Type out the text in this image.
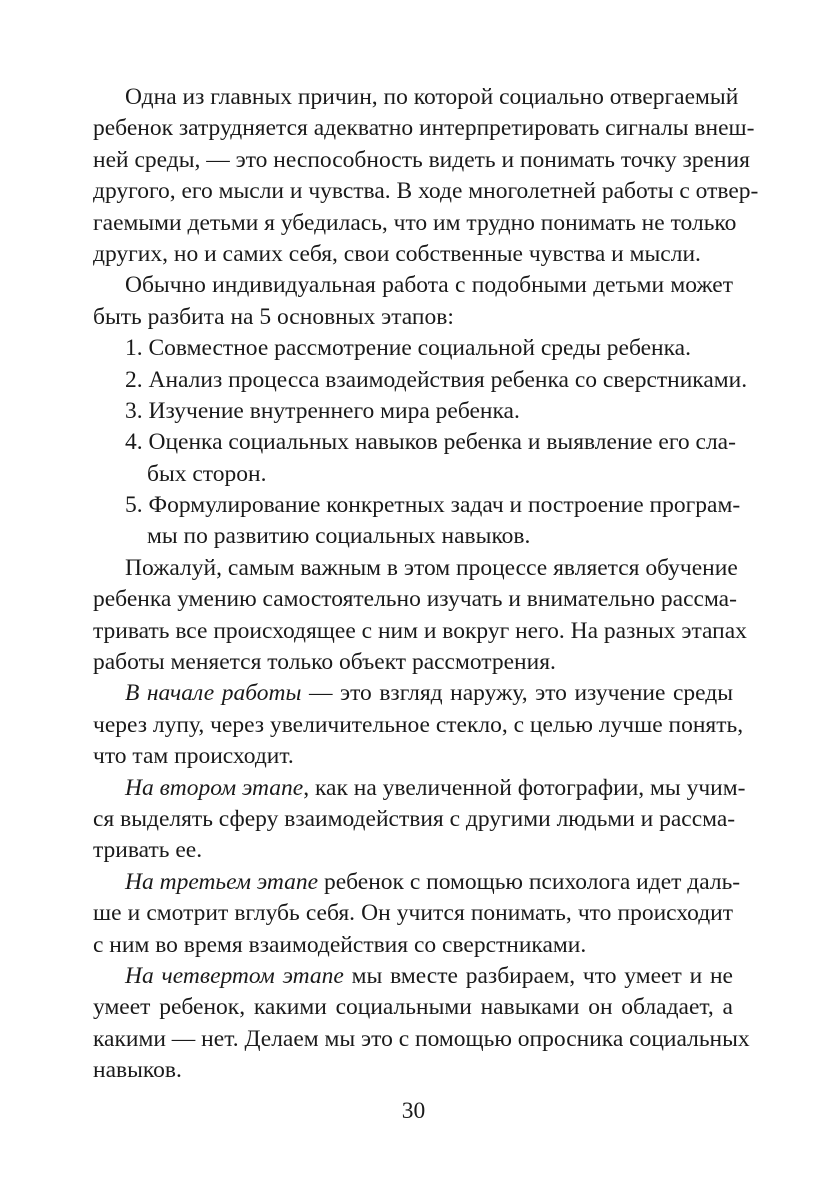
Одна из главных причин, по которой социально отвергаемый
ребенок затрудняется адекватно интерпретировать сигналы внеш-
ней среды, — это неспособность видеть и понимать точку зрения
другого, его мысли и чувства. В ходе многолетней работы с отвер-
гаемыми детьми я убедилась, что им трудно понимать не только
других, но и самих себя, свои собственные чувства и мысли.
Обычно индивидуальная работа с подобными детьми может
быть разбита на 5 основных этапов:
1. Совместное рассмотрение социальной среды ребенка.
2. Анализ процесса взаимодействия ребенка со сверстниками.
3. Изучение внутреннего мира ребенка.
4. Оценка социальных навыков ребенка и выявление его сла-
бых сторон.
5. Формулирование конкретных задач и построение програм-
мы по развитию социальных навыков.
Пожалуй, самым важным в этом процессе является обучение
ребенка умению самостоятельно изучать и внимательно рассма-
тривать все происходящее с ним и вокруг него. На разных этапах
работы меняется только объект рассмотрения.
В начале работы — это взгляд наружу, это изучение среды
через лупу, через увеличительное стекло, с целью лучше понять,
что там происходит.
На втором этапе, как на увеличенной фотографии, мы учим-
ся выделять сферу взаимодействия с другими людьми и рассма-
тривать ее.
На третьем этапе ребенок с помощью психолога идет даль-
ше и смотрит вглубь себя. Он учится понимать, что происходит
с ним во время взаимодействия со сверстниками.
На четвертом этапе мы вместе разбираем, что умеет и не
умеет ребенок, какими социальными навыками он обладает, а
какими — нет. Делаем мы это с помощью опросника социальных
навыков.
30
